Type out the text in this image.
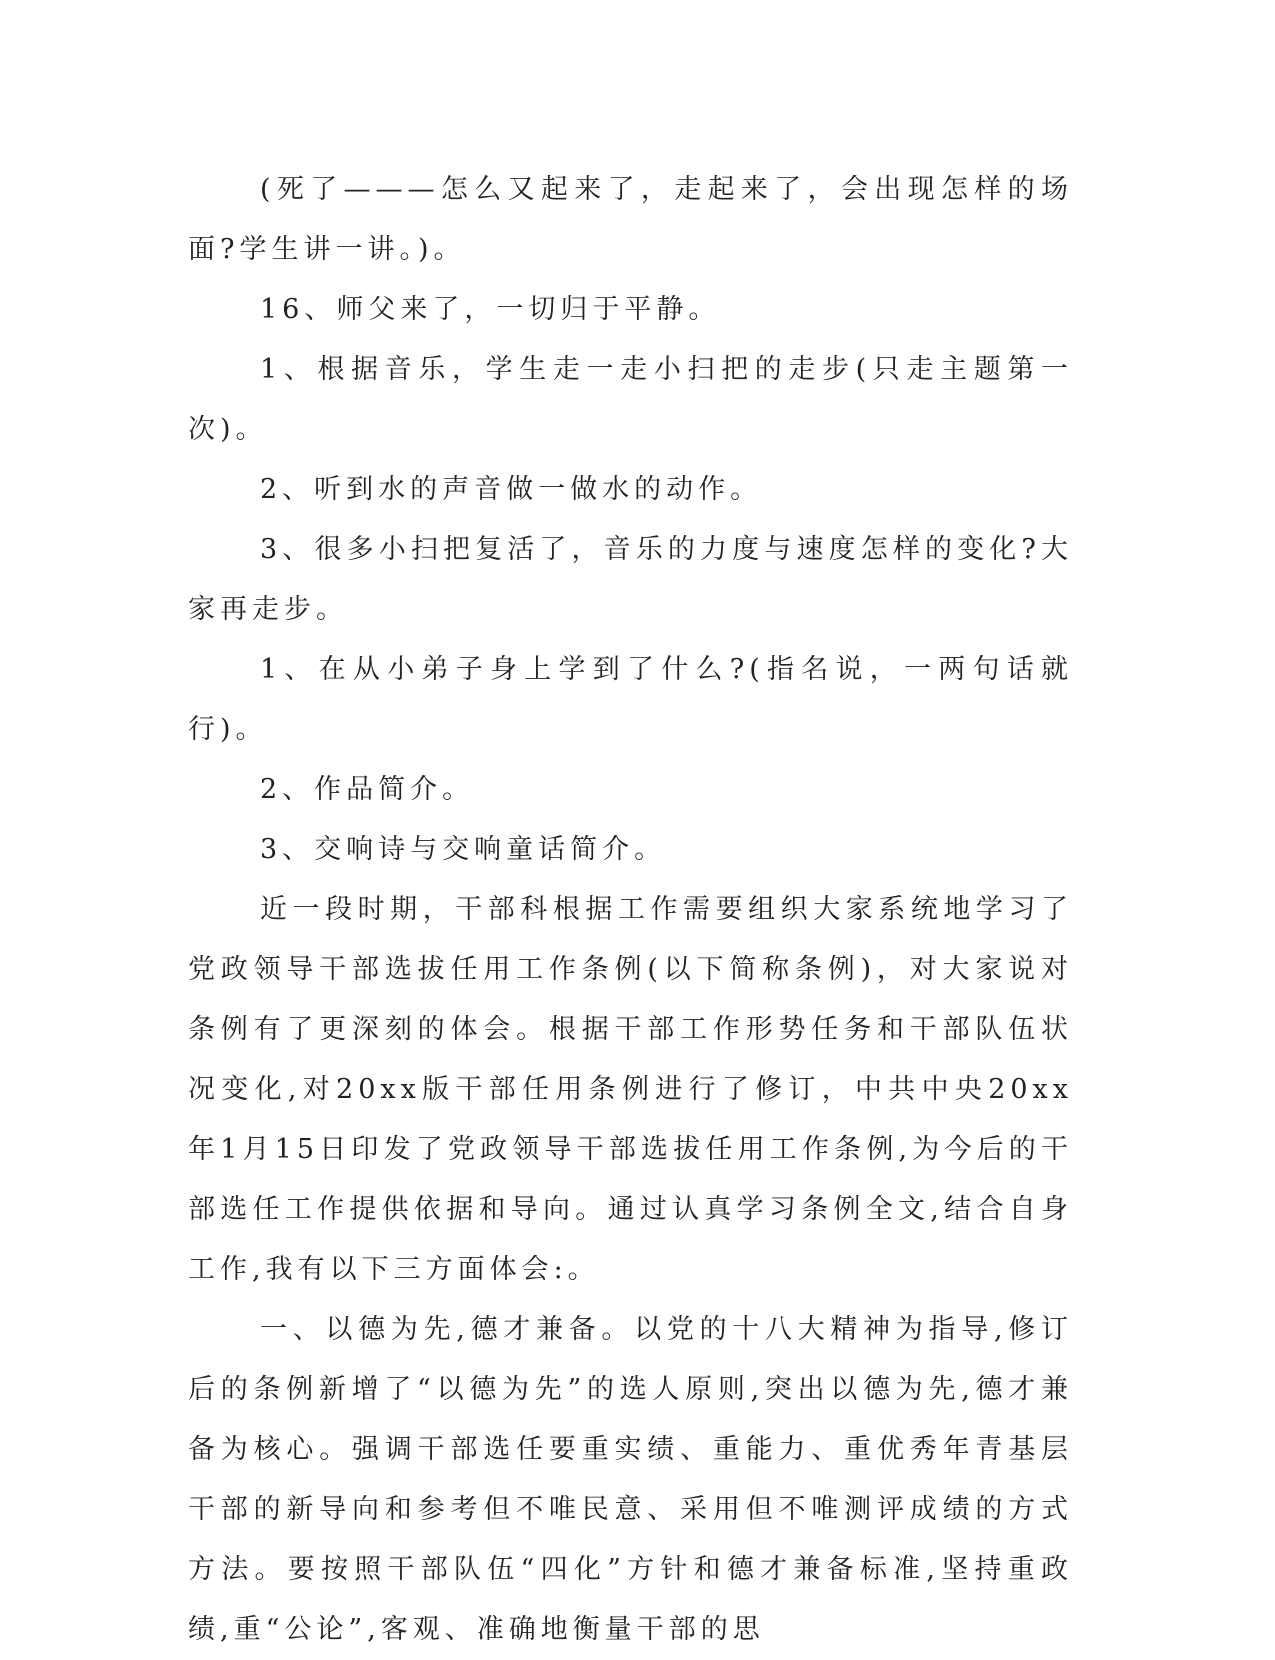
(死了———怎么又起来了，走起来了，会出现怎样的场面?学生讲一讲。)。

16、师父来了，一切归于平静。

1、根据音乐，学生走一走小扫把的走步(只走主题第一次)。

2、听到水的声音做一做水的动作。

3、很多小扫把复活了，音乐的力度与速度怎样的变化?大家再走步。

1、在从小弟子身上学到了什么?(指名说，一两句话就行)。

2、作品简介。

3、交响诗与交响童话简介。

近一段时期，干部科根据工作需要组织大家系统地学习了党政领导干部选拔任用工作条例(以下简称条例)，对大家说对条例有了更深刻的体会。根据干部工作形势任务和干部队伍状况变化,对20xx版干部任用条例进行了修订，中共中央20xx年1月15日印发了党政领导干部选拔任用工作条例,为今后的干部选任工作提供依据和导向。通过认真学习条例全文,结合自身工作,我有以下三方面体会:。

一、以德为先,德才兼备。以党的十八大精神为指导,修订后的条例新增了“以德为先”的选人原则,突出以德为先,德才兼备为核心。强调干部选任要重实绩、重能力、重优秀年青基层干部的新导向和参考但不唯民意、采用但不唯测评成绩的方式方法。要按照干部队伍“四化”方针和德才兼备标准,坚持重政绩,重“公论”,客观、准确地衡量干部的思
